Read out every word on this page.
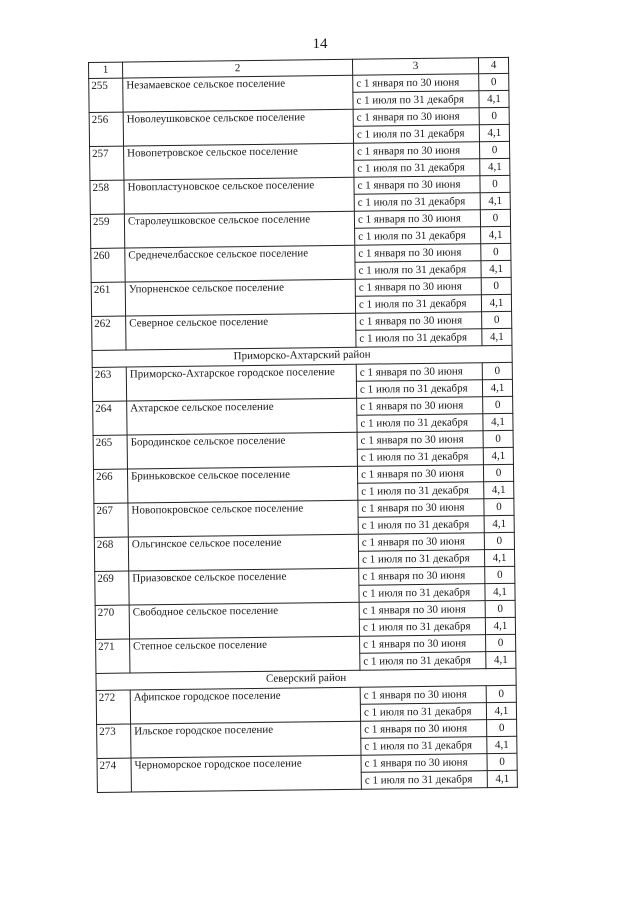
14
1	2	3	4
255	Незамаевское сельское поселение	с 1 января по 30 июня	0
		с 1 июля по 31 декабря	4,1
256	Новолеушковское сельское поселение	с 1 января по 30 июня	0
		с 1 июля по 31 декабря	4,1
257	Новопетровское сельское поселение	с 1 января по 30 июня	0
		с 1 июля по 31 декабря	4,1
258	Новопластуновское сельское поселение	с 1 января по 30 июня	0
		с 1 июля по 31 декабря	4,1
259	Старолеушковское сельское поселение	с 1 января по 30 июня	0
		с 1 июля по 31 декабря	4,1
260	Среднечелбасское сельское поселение	с 1 января по 30 июня	0
		с 1 июля по 31 декабря	4,1
261	Упорненское сельское поселение	с 1 января по 30 июня	0
		с 1 июля по 31 декабря	4,1
262	Северное сельское поселение	с 1 января по 30 июня	0
		с 1 июля по 31 декабря	4,1
Приморско-Ахтарский район			
263	Приморско-Ахтарское городское поселение	с 1 января по 30 июня	0
		с 1 июля по 31 декабря	4,1
264	Ахтарское сельское поселение	с 1 января по 30 июня	0
		с 1 июля по 31 декабря	4,1
265	Бородинское сельское поселение	с 1 января по 30 июня	0
		с 1 июля по 31 декабря	4,1
266	Бриньковское сельское поселение	с 1 января по 30 июня	0
		с 1 июля по 31 декабря	4,1
267	Новопокровское сельское поселение	с 1 января по 30 июня	0
		с 1 июля по 31 декабря	4,1
268	Ольгинское сельское поселение	с 1 января по 30 июня	0
		с 1 июля по 31 декабря	4,1
269	Приазовское сельское поселение	с 1 января по 30 июня	0
		с 1 июля по 31 декабря	4,1
270	Свободное сельское поселение	с 1 января по 30 июня	0
		с 1 июля по 31 декабря	4,1
271	Степное сельское поселение	с 1 января по 30 июня	0
		с 1 июля по 31 декабря	4,1
Северский район			
272	Афипское городское поселение	с 1 января по 30 июня	0
		с 1 июля по 31 декабря	4,1
273	Ильское городское поселение	с 1 января по 30 июня	0
		с 1 июля по 31 декабря	4,1
274	Черноморское городское поселение	с 1 января по 30 июня	0
		с 1 июля по 31 декабря	4,1
